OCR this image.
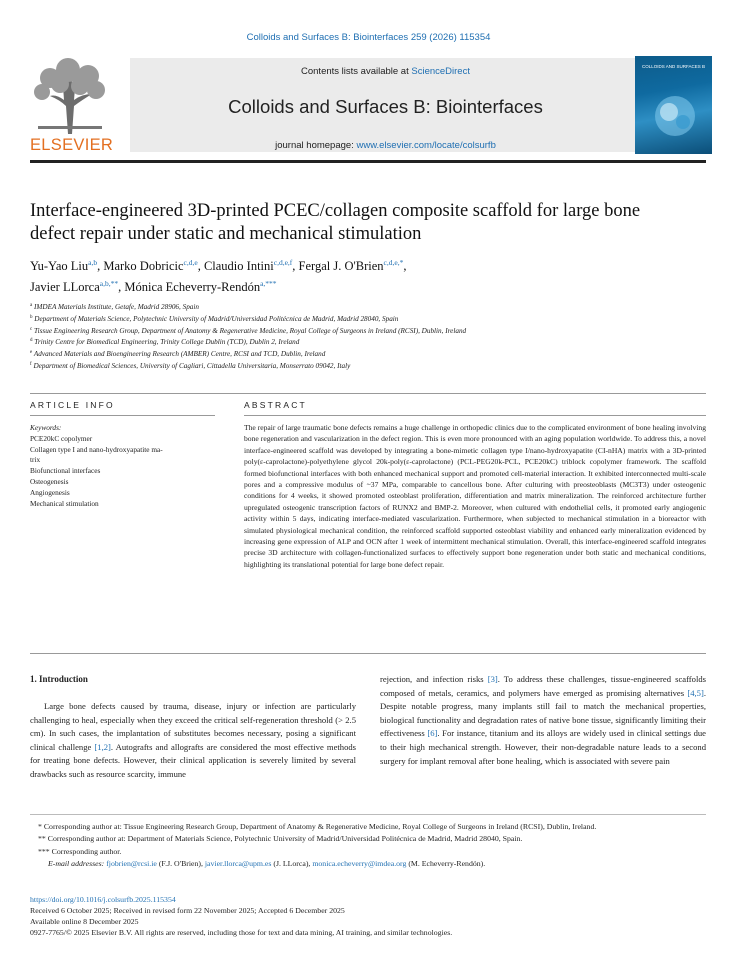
Colloids and Surfaces B: Biointerfaces 259 (2026) 115354
ELSEVIER
Contents lists available at ScienceDirect
Colloids and Surfaces B: Biointerfaces
journal homepage: www.elsevier.com/locate/colsurfb
COLLOIDS AND SURFACES B
Interface-engineered 3D-printed PCEC/collagen composite scaffold for large bone defect repair under static and mechanical stimulation
Yu-Yao Liu$^{a,b}$, Marko Dobricic$^{c,d,e}$, Claudio Intini$^{c,d,e,f}$, Fergal J. O'Brien$^{c,d,e,*}$,
Javier LLorca$^{a,b,**}$, Mónica Echeverry-Rendón$^{a,***}$
$^a$ IMDEA Materials Institute, Getafe, Madrid 28906, Spain
$^b$ Department of Materials Science, Polytechnic University of Madrid/Universidad Politécnica de Madrid, Madrid 28040, Spain
$^c$ Tissue Engineering Research Group, Department of Anatomy & Regenerative Medicine, Royal College of Surgeons in Ireland (RCSI), Dublin, Ireland
$^d$ Trinity Centre for Biomedical Engineering, Trinity College Dublin (TCD), Dublin 2, Ireland
$^e$ Advanced Materials and Bioengineering Research (AMBER) Centre, RCSI and TCD, Dublin, Ireland
$^f$ Department of Biomedical Sciences, University of Cagliari, Cittadella Universitaria, Monserrato 09042, Italy
ARTICLE INFO	ABSTRACT
Keywords:
PCE20kC copolymer
Collagen type I and nano-hydroxyapatite ma-
trix
Biofunctional interfaces
Osteogenesis
Angiogenesis
Mechanical stimulation
The repair of large traumatic bone defects remains a huge challenge in orthopedic clinics due to the complicated environment of bone healing involving bone regeneration and vascularization in the defect region. This is even more pronounced with an aging population worldwide. To address this, a novel interface-engineered scaffold was developed by integrating a bone-mimetic collagen type I/nano-hydroxyapatite (CI-nHA) matrix with a 3D-printed poly(ε-caprolactone)-polyethylene glycol 20k-poly(ε-caprolactone) (PCL-PEG20k-PCL, PCE20kC) triblock copolymer framework. The scaffold formed biofunctional interfaces with both enhanced mechanical support and promoted cell-material interaction. It exhibited interconnected multi-scale pores and a compressive modulus of ~37 MPa, comparable to cancellous bone. After culturing with preosteoblasts (MC3T3) under osteogenic conditions for 4 weeks, it showed promoted osteoblast proliferation, differentiation and matrix mineralization. The reinforced architecture further upregulated osteogenic transcription factors of RUNX2 and BMP-2. Moreover, when cultured with endothelial cells, it promoted early angiogenic activity within 5 days, indicating interface-mediated vascularization. Furthermore, when subjected to mechanical stimulation in a bioreactor with simulated physiological mechanical condition, the reinforced scaffold supported osteoblast viability and enhanced early mineralization evidenced by increasing gene expression of ALP and OCN after 1 week of intermittent mechanical stimulation. Overall, this interface-engineered scaffold integrates precise 3D architecture with collagen-functionalized surfaces to effectively support bone regeneration under both static and mechanical conditions, highlighting its translational potential for large bone defect repair.
1. Introduction
Large bone defects caused by trauma, disease, injury or infection are particularly challenging to heal, especially when they exceed the critical self-regeneration threshold (> 2.5 cm). In such cases, the implantation of substitutes becomes necessary, posing a significant clinical challenge [1,2]. Autografts and allografts are considered the most effective methods for treating bone defects. However, their clinical application is severely limited by several drawbacks such as resource scarcity, immune
rejection, and infection risks [3]. To address these challenges, tissue-engineered scaffolds composed of metals, ceramics, and polymers have emerged as promising alternatives [4,5]. Despite notable progress, many implants still fail to match the mechanical properties, biological functionality and degradation rates of native bone tissue, significantly limiting their effectiveness [6]. For instance, titanium and its alloys are widely used in clinical settings due to their high mechanical strength. However, their non-degradable nature leads to a second surgery for implant removal after bone healing, which is associated with severe pain
* Corresponding author at: Tissue Engineering Research Group, Department of Anatomy & Regenerative Medicine, Royal College of Surgeons in Ireland (RCSI), Dublin, Ireland.
** Corresponding author at: Department of Materials Science, Polytechnic University of Madrid/Universidad Politécnica de Madrid, Madrid 28040, Spain.
*** Corresponding author.
E-mail addresses: fjobrien@rcsi.ie (F.J. O'Brien), javier.llorca@upm.es (J. LLorca), monica.echeverry@imdea.org (M. Echeverry-Rendón).
https://doi.org/10.1016/j.colsurfb.2025.115354
Received 6 October 2025; Received in revised form 22 November 2025; Accepted 6 December 2025
Available online 8 December 2025
0927-7765/© 2025 Elsevier B.V. All rights are reserved, including those for text and data mining, AI training, and similar technologies.
